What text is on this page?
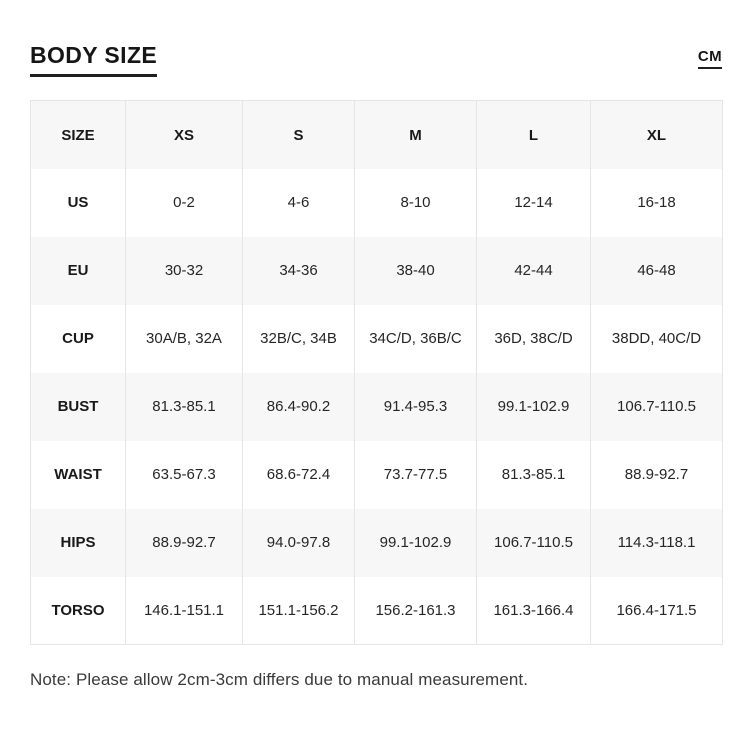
BODY SIZE	CM
SIZE	XS	S	M	L	XL
US	0-2	4-6	8-10	12-14	16-18
EU	30-32	34-36	38-40	42-44	46-48
CUP	30A/B, 32A	32B/C, 34B	34C/D, 36B/C	36D, 38C/D	38DD, 40C/D
BUST	81.3-85.1	86.4-90.2	91.4-95.3	99.1-102.9	106.7-110.5
WAIST	63.5-67.3	68.6-72.4	73.7-77.5	81.3-85.1	88.9-92.7
HIPS	88.9-92.7	94.0-97.8	99.1-102.9	106.7-110.5	114.3-118.1
TORSO	146.1-151.1	151.1-156.2	156.2-161.3	161.3-166.4	166.4-171.5

Note: Please allow 2cm-3cm differs due to manual measurement.
